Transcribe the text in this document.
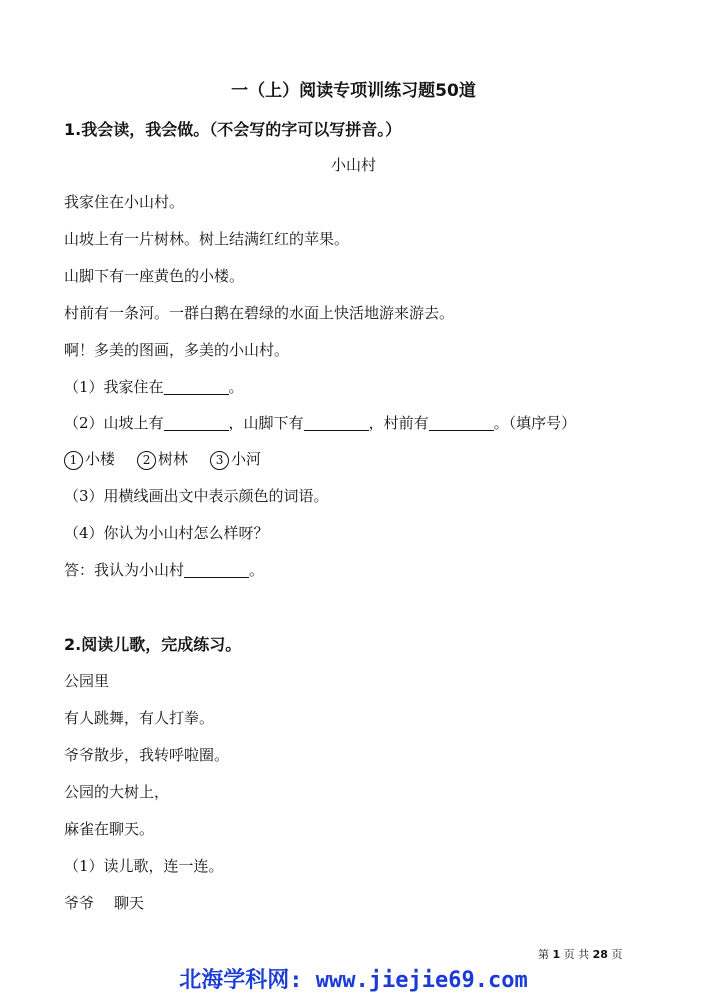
一（上）阅读专项训练习题50道
1.我会读，我会做。（不会写的字可以写拼音。）
小山村
我家住在小山村。
山坡上有一片树林。树上结满红红的苹果。
山脚下有一座黄色的小楼。
村前有一条河。一群白鹅在碧绿的水面上快活地游来游去。
啊！多美的图画，多美的小山村。
（1）我家住在	。
（2）山坡上有	，山脚下有	，村前有	。（填序号）
1 小楼 2 树林 3 小河
（3）用横线画出文中表示颜色的词语。
（4）你认为小山村怎么样呀？
答：我认为小山村	。
2.阅读儿歌，完成练习。
公园里
有人跳舞，有人打拳。
爷爷散步，我转呼啦圈。
公园的大树上，
麻雀在聊天。
（1）读儿歌，连一连。
爷爷 聊天
第 1 页 共 28 页
北海学科网: www.jiejie69.com
